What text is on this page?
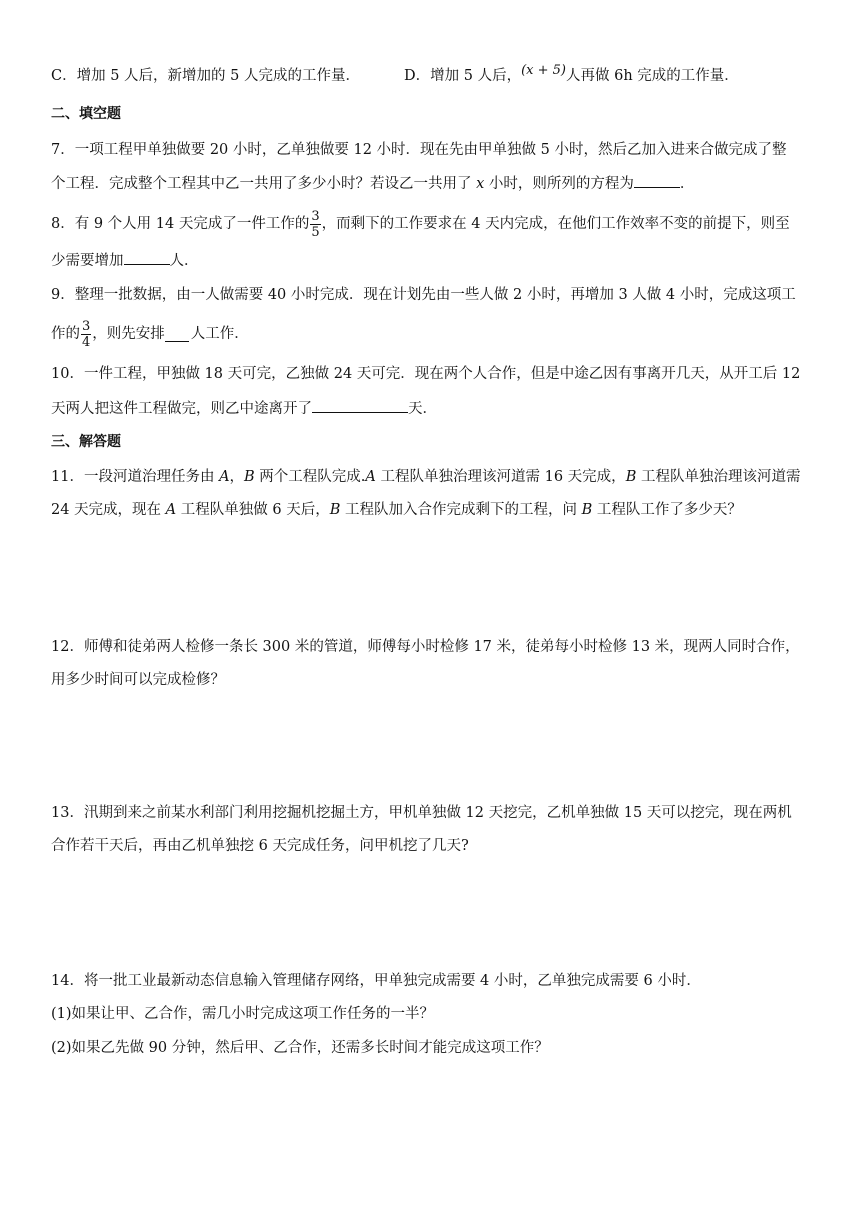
C．增加 5 人后，新增加的 5 人完成的工作量．	D．增加 5 人后，(x + 5)人再做 6h 完成的工作量．
二、填空题
7．一项工程甲单独做要 20 小时，乙单独做要 12 小时．现在先由甲单独做 5 小时，然后乙加入进来合做完成了整
个工程．完成整个工程其中乙一共用了多少小时？若设乙一共用了 x 小时，则所列的方程为	．
8．有 9 个人用 14 天完成了一件工作的 $\frac{3}{5}$ ，而剩下的工作要求在 4 天内完成，在他们工作效率不变的前提下，则至
少需要增加	人．
9．整理一批数据，由一人做需要 40 小时完成．现在计划先由一些人做 2 小时，再增加 3 人做 4 小时，完成这项工
作的 $\frac{3}{4}$ ，则先安排 人工作．
10．一件工程，甲独做 18 天可完，乙独做 24 天可完．现在两个人合作，但是中途乙因有事离开几天，从开工后 12
天两人把这件工程做完，则乙中途离开了	天．
三、解答题
11．一段河道治理任务由 A，B 两个工程队完成.A 工程队单独治理该河道需 16 天完成，B 工程队单独治理该河道需
24 天完成，现在 A 工程队单独做 6 天后，B 工程队加入合作完成剩下的工程，问 B 工程队工作了多少天？
12．师傅和徒弟两人检修一条长 300 米的管道，师傅每小时检修 17 米，徒弟每小时检修 13 米，现两人同时合作，
用多少时间可以完成检修？
13．汛期到来之前某水利部门利用挖掘机挖掘土方，甲机单独做 12 天挖完，乙机单独做 15 天可以挖完，现在两机
合作若干天后，再由乙机单独挖 6 天完成任务，问甲机挖了几天?
14．将一批工业最新动态信息输入管理储存网络，甲单独完成需要 4 小时，乙单独完成需要 6 小时．
(1)如果让甲、乙合作，需几小时完成这项工作任务的一半？
(2)如果乙先做 90 分钟，然后甲、乙合作，还需多长时间才能完成这项工作？
